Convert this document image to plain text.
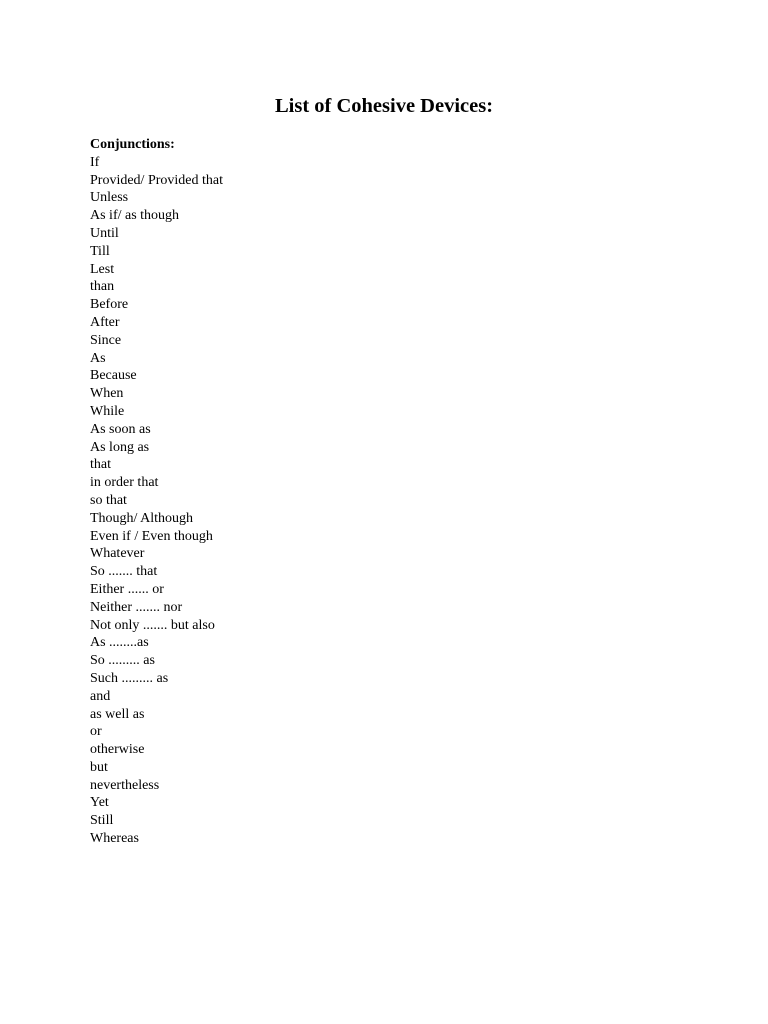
List of Cohesive Devices:

Conjunctions:

If
Provided/ Provided that
Unless
As if/ as though
Until
Till
Lest
than
Before
After
Since
As
Because
When
While
As soon as
As long as
that
in order that
so that
Though/ Although
Even if / Even though
Whatever
So ....... that
Either ...... or
Neither ....... nor
Not only ....... but also
As ........as
So ......... as
Such ......... as
and
as well as
or
otherwise
but
nevertheless
Yet
Still
Whereas
